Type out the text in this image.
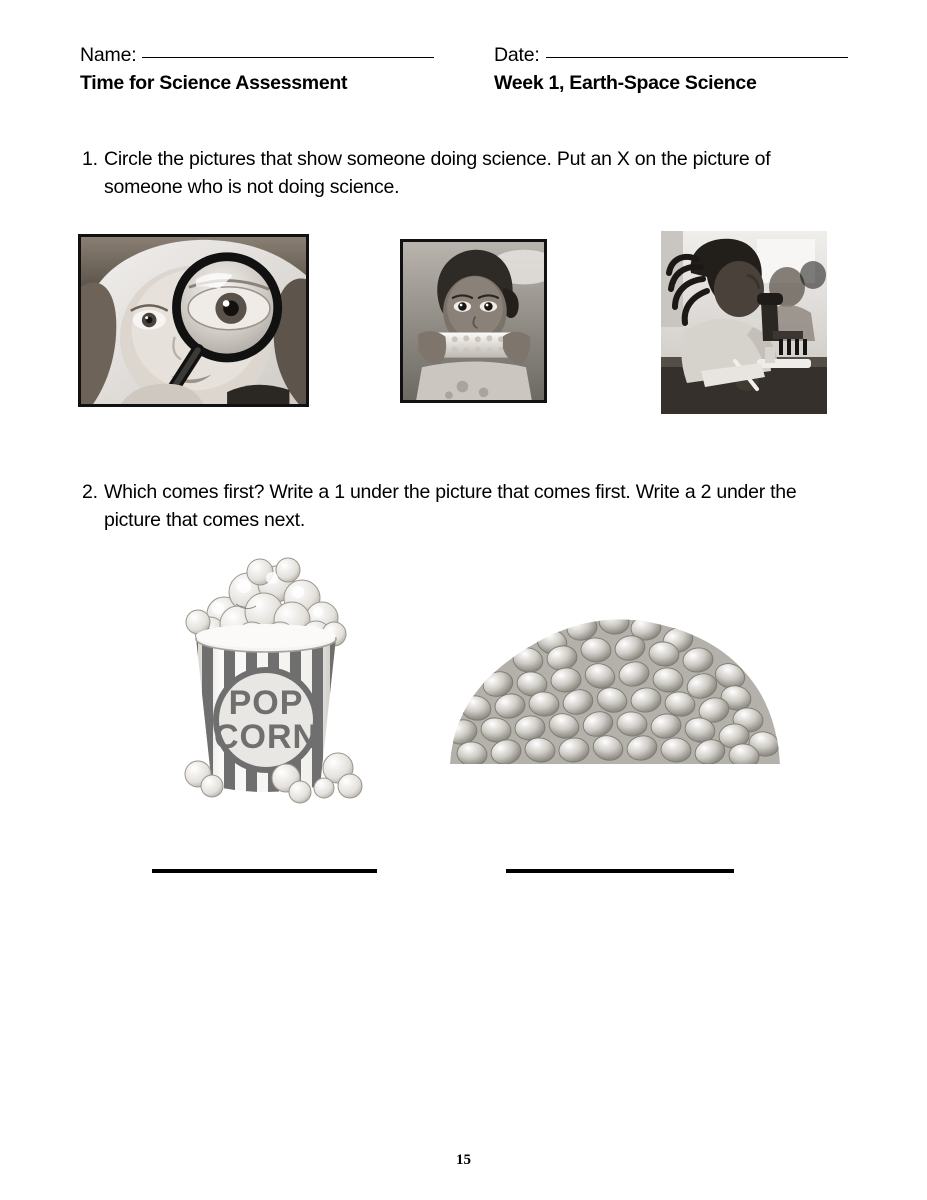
Name:
Time for Science Assessment
Date:
Week 1, Earth-Space Science
1. Circle the pictures that show someone doing science. Put an X on the picture of someone who is not doing science.
2. Which comes first? Write a 1 under the picture that comes first. Write a 2 under the picture that comes next.
POP
CORN
15
